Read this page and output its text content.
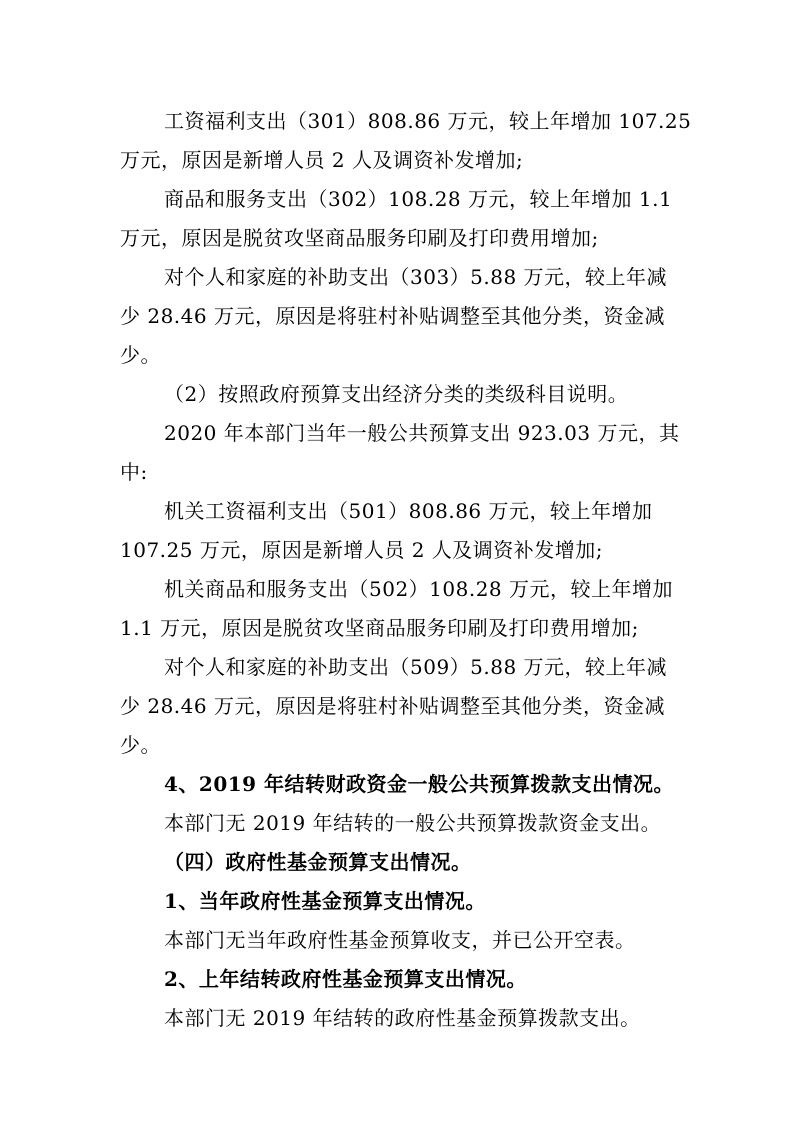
工资福利支出（301）808.86 万元，较上年增加 107.25
万元，原因是新增人员 2 人及调资补发增加;
商品和服务支出（302）108.28 万元，较上年增加 1.1
万元，原因是脱贫攻坚商品服务印刷及打印费用增加;
对个人和家庭的补助支出（303）5.88 万元，较上年减
少 28.46 万元，原因是将驻村补贴调整至其他分类，资金减
少。
（2）按照政府预算支出经济分类的类级科目说明。
2020 年本部门当年一般公共预算支出 923.03 万元，其
中:
机关工资福利支出（501）808.86 万元，较上年增加
107.25 万元，原因是新增人员 2 人及调资补发增加;
机关商品和服务支出（502）108.28 万元，较上年增加
1.1 万元，原因是脱贫攻坚商品服务印刷及打印费用增加;
对个人和家庭的补助支出（509）5.88 万元，较上年减
少 28.46 万元，原因是将驻村补贴调整至其他分类，资金减
少。
4、2019 年结转财政资金一般公共预算拨款支出情况。
本部门无 2019 年结转的一般公共预算拨款资金支出。
（四）政府性基金预算支出情况。
1、当年政府性基金预算支出情况。
本部门无当年政府性基金预算收支，并已公开空表。
2、上年结转政府性基金预算支出情况。
本部门无 2019 年结转的政府性基金预算拨款支出。
